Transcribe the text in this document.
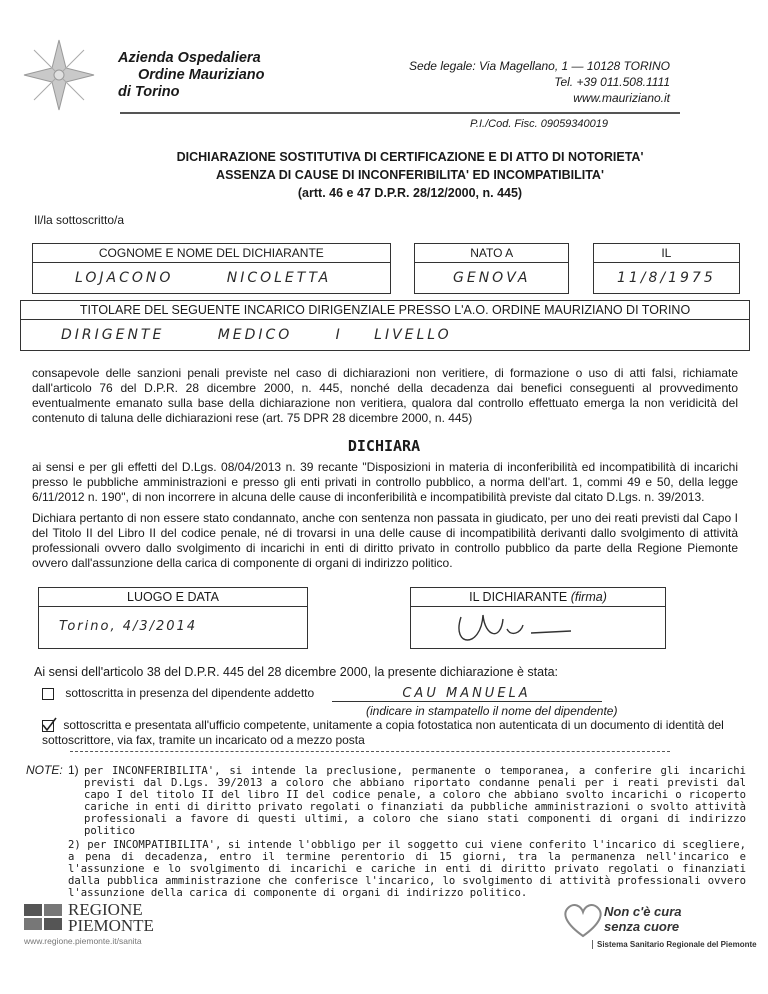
Azienda Ospedaliera
Ordine Mauriziano
di Torino
Sede legale: Via Magellano, 1 — 10128 TORINO
Tel. +39 011.508.1111
www.mauriziano.it
P.I./Cod. Fisc. 09059340019
DICHIARAZIONE SOSTITUTIVA DI CERTIFICAZIONE E DI ATTO DI NOTORIETA'
ASSENZA DI CAUSE DI INCONFERIBILITA' ED INCOMPATIBILITA'
(artt. 46 e 47 D.P.R. 28/12/2000, n. 445)
Il/la sottoscritto/a
COGNOME E NOME DEL DICHIARANTE		NATO A		IL
LOJACONO NICOLETTA		GENOVA		11/8/1975
TITOLARE DEL SEGUENTE INCARICO DIRIGENZIALE PRESSO L'A.O. ORDINE MAURIZIANO DI TORINO
DIRIGENTE	MEDICO	I LIVELLO
consapevole delle sanzioni penali previste nel caso di dichiarazioni non veritiere, di formazione o uso di atti falsi, richiamate dall'articolo 76 del D.P.R. 28 dicembre 2000, n. 445, nonché della decadenza dai benefici conseguenti al provvedimento eventualmente emanato sulla base della dichiarazione non veritiera, qualora dal controllo effettuato emerga la non veridicità del contenuto di taluna delle dichiarazioni rese (art. 75 DPR 28 dicembre 2000, n. 445)
DICHIARA
ai sensi e per gli effetti del D.Lgs. 08/04/2013 n. 39 recante "Disposizioni in materia di inconferibilità ed incompatibilità di incarichi presso le pubbliche amministrazioni e presso gli enti privati in controllo pubblico, a norma dell'art. 1, commi 49 e 50, della legge 6/11/2012 n. 190", di non incorrere in alcuna delle cause di inconferibilità e incompatibilità previste dal citato D.Lgs. n. 39/2013.
Dichiara pertanto di non essere stato condannato, anche con sentenza non passata in giudicato, per uno dei reati previsti dal Capo I del Titolo II del Libro II del codice penale, né di trovarsi in una delle cause di incompatibilità derivanti dallo svolgimento di attività professionali ovvero dallo svolgimento di incarichi in enti di diritto privato in controllo pubblico da parte della Regione Piemonte ovvero dall'assunzione della carica di componente di organi di indirizzo politico.
LUOGO E DATA
Torino, 4/3/2014
IL DICHIARANTE (firma)
Ai sensi dell'articolo 38 del D.P.R. 445 del 28 dicembre 2000, la presente dichiarazione è stata:
sottoscritta in presenza del dipendente addetto	CAU MANUELA
(indicare in stampatello il nome del dipendente)
sottoscritta e presentata all'ufficio competente, unitamente a copia fotostatica non autenticata di un documento di identità del sottoscrittore, via fax, tramite un incaricato od a mezzo posta
NOTE: 1) per INCONFERIBILITA', si intende la preclusione, permanente o temporanea, a conferire gli incarichi previsti dal D.Lgs. 39/2013 a coloro che abbiano riportato condanne penali per i reati previsti dal capo I del titolo II del libro II del codice penale, a coloro che abbiano svolto incarichi o ricoperto cariche in enti di diritto privato regolati o finanziati da pubbliche amministrazioni o svolto attività professionali a favore di questi ultimi, a coloro che siano stati componenti di organi di indirizzo politico
2) per INCOMPATIBILITA', si intende l'obbligo per il soggetto cui viene conferito l'incarico di scegliere, a pena di decadenza, entro il termine perentorio di 15 giorni, tra la permanenza nell'incarico e l'assunzione e lo svolgimento di incarichi e cariche in enti di diritto privato regolati o finanziati dalla pubblica amministrazione che conferisce l'incarico, lo svolgimento di attività professionali ovvero l'assunzione della carica di componente di organi di indirizzo politico.
REGIONE
PIEMONTE
www.regione.piemonte.it/sanita
Non c'è cura
senza cuore
Sistema Sanitario Regionale del Piemonte
